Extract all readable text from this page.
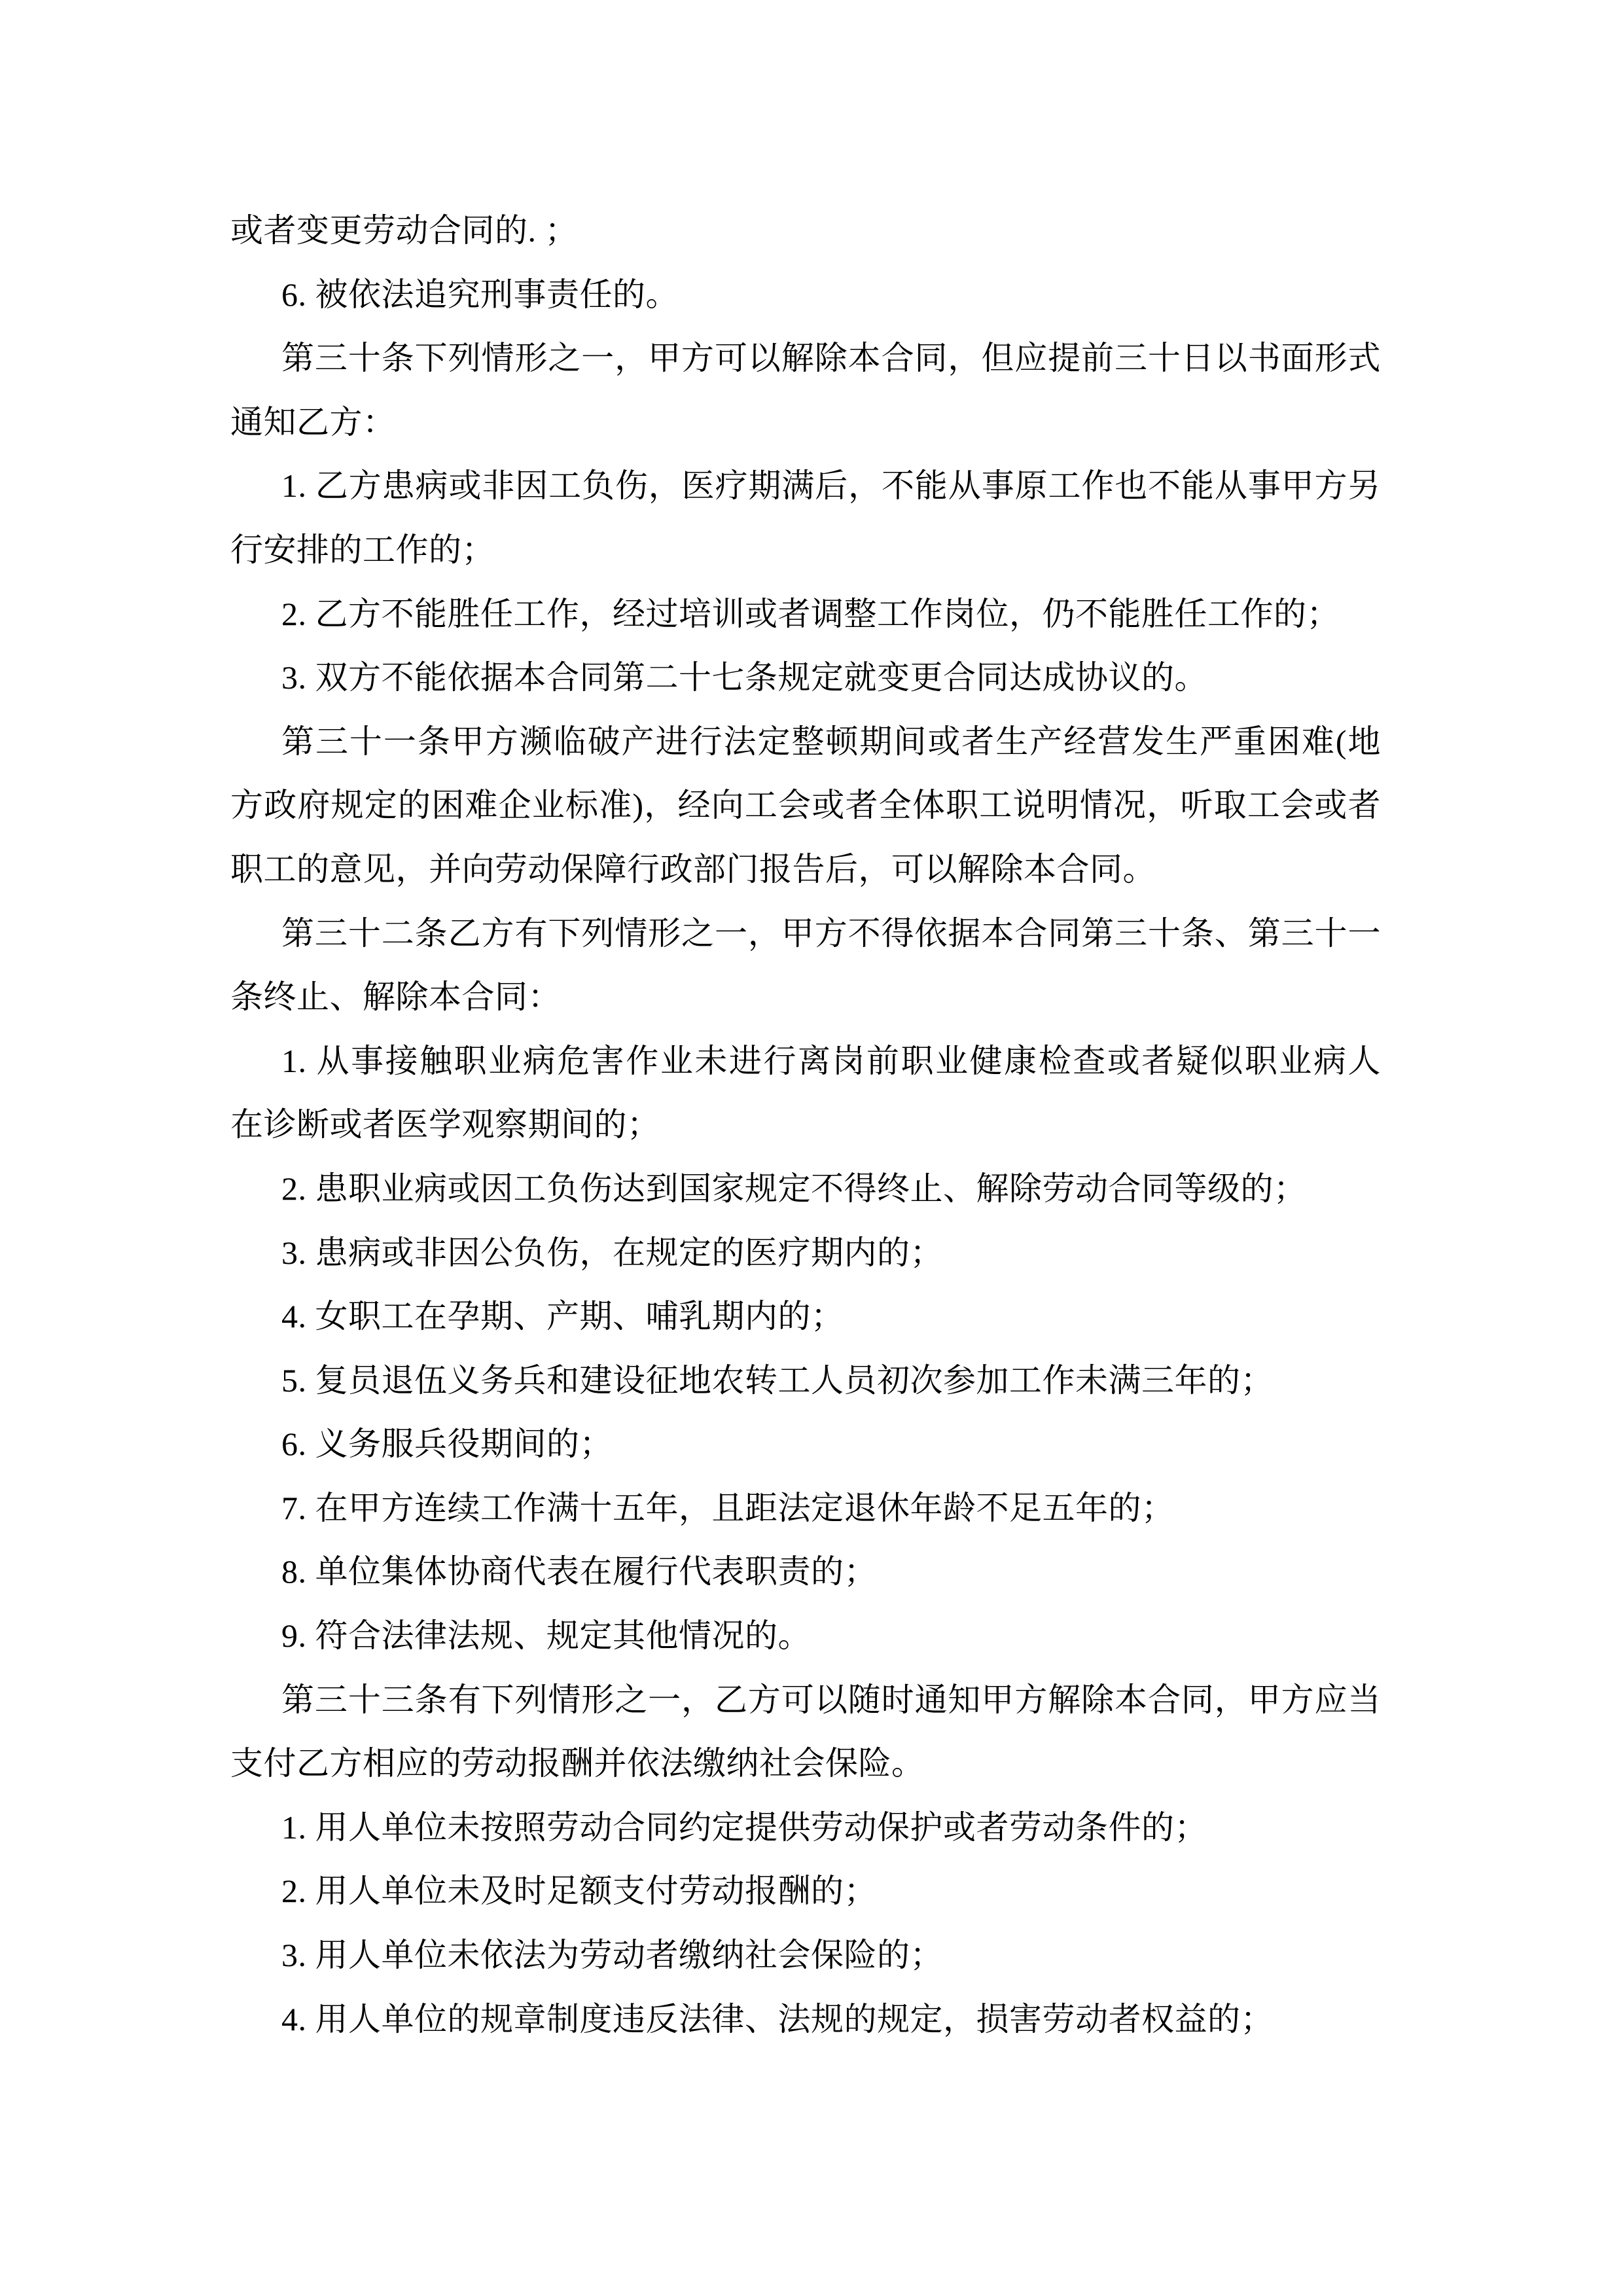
或者变更劳动合同的. ；
6. 被依法追究刑事责任的。
第三十条下列情形之一，甲方可以解除本合同，但应提前三十日以书面形式
通知乙方：
1. 乙方患病或非因工负伤，医疗期满后，不能从事原工作也不能从事甲方另
行安排的工作的；
2. 乙方不能胜任工作，经过培训或者调整工作岗位，仍不能胜任工作的；
3. 双方不能依据本合同第二十七条规定就变更合同达成协议的。
第三十一条甲方濒临破产进行法定整顿期间或者生产经营发生严重困难(地
方政府规定的困难企业标准)，经向工会或者全体职工说明情况，听取工会或者
职工的意见，并向劳动保障行政部门报告后，可以解除本合同。
第三十二条乙方有下列情形之一，甲方不得依据本合同第三十条、第三十一
条终止、解除本合同：
1. 从事接触职业病危害作业未进行离岗前职业健康检查或者疑似职业病人
在诊断或者医学观察期间的；
2. 患职业病或因工负伤达到国家规定不得终止、解除劳动合同等级的；
3. 患病或非因公负伤，在规定的医疗期内的；
4. 女职工在孕期、产期、哺乳期内的；
5. 复员退伍义务兵和建设征地农转工人员初次参加工作未满三年的；
6. 义务服兵役期间的；
7. 在甲方连续工作满十五年，且距法定退休年龄不足五年的；
8. 单位集体协商代表在履行代表职责的；
9. 符合法律法规、规定其他情况的。
第三十三条有下列情形之一，乙方可以随时通知甲方解除本合同，甲方应当
支付乙方相应的劳动报酬并依法缴纳社会保险。
1. 用人单位未按照劳动合同约定提供劳动保护或者劳动条件的；
2. 用人单位未及时足额支付劳动报酬的；
3. 用人单位未依法为劳动者缴纳社会保险的；
4. 用人单位的规章制度违反法律、法规的规定，损害劳动者权益的；
